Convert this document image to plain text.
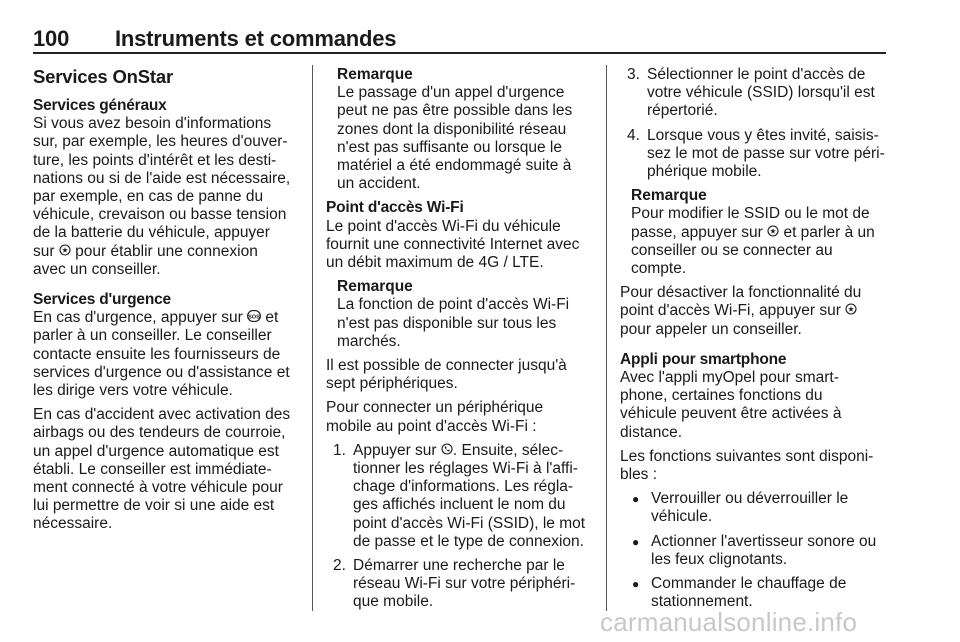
100 Instruments et commandes
Services OnStar
Services généraux
Si vous avez besoin d'informations
sur, par exemple, les heures d'ouver-
ture, les points d'intérêt et les desti-
nations ou si de l'aide est nécessaire,
par exemple, en cas de panne du
véhicule, crevaison ou basse tension
de la batterie du véhicule, appuyer
sur  pour établir une connexion
avec un conseiller.
Services d'urgence
En cas d'urgence, appuyer sur SOS et
parler à un conseiller. Le conseiller
contacte ensuite les fournisseurs de
services d'urgence ou d'assistance et
les dirige vers votre véhicule.
En cas d'accident avec activation des
airbags ou des tendeurs de courroie,
un appel d'urgence automatique est
établi. Le conseiller est immédiate-
ment connecté à votre véhicule pour
lui permettre de voir si une aide est
nécessaire.
Remarque
Le passage d'un appel d'urgence
peut ne pas être possible dans les
zones dont la disponibilité réseau
n'est pas suffisante ou lorsque le
matériel a été endommagé suite à
un accident.
Point d'accès Wi-Fi
Le point d'accès Wi-Fi du véhicule
fournit une connectivité Internet avec
un débit maximum de 4G / LTE.
Remarque
La fonction de point d'accès Wi-Fi
n'est pas disponible sur tous les
marchés.
Il est possible de connecter jusqu'à
sept périphériques.
Pour connecter un périphérique
mobile au point d'accès Wi-Fi :
1. Appuyer sur . Ensuite, sélec-
tionner les réglages Wi-Fi à l'affi-
chage d'informations. Les régla-
ges affichés incluent le nom du
point d'accès Wi-Fi (SSID), le mot
de passe et le type de connexion.
2. Démarrer une recherche par le
réseau Wi-Fi sur votre périphéri-
que mobile.
3. Sélectionner le point d'accès de
votre véhicule (SSID) lorsqu'il est
répertorié.
4. Lorsque vous y êtes invité, saisis-
sez le mot de passe sur votre péri-
phérique mobile.
Remarque
Pour modifier le SSID ou le mot de
passe, appuyer sur  et parler à un
conseiller ou se connecter au
compte.
Pour désactiver la fonctionnalité du
point d'accès Wi-Fi, appuyer sur
pour appeler un conseiller.
Appli pour smartphone
Avec l'appli myOpel pour smart-
phone, certaines fonctions du
véhicule peuvent être activées à
distance.
Les fonctions suivantes sont disponi-
bles :
● Verrouiller ou déverrouiller le
véhicule.
● Actionner l'avertisseur sonore ou
les feux clignotants.
● Commander le chauffage de
stationnement.
carmanualsonline.info
